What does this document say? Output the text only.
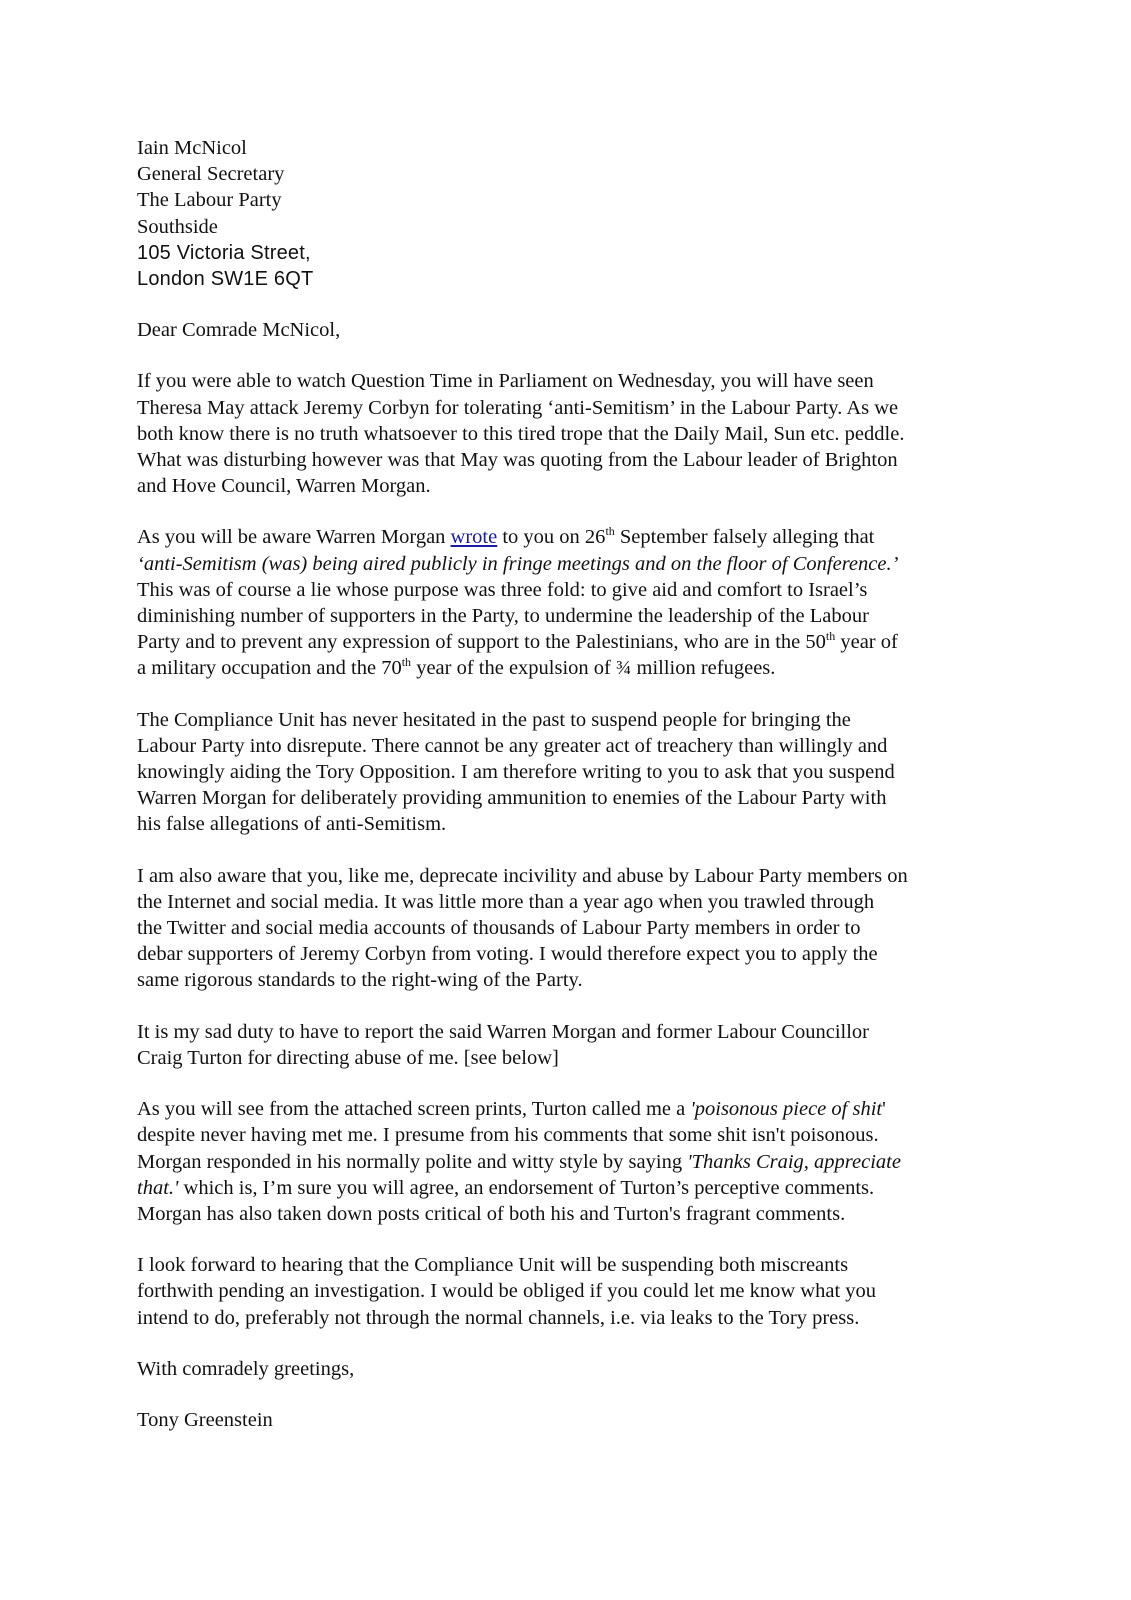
Iain McNicol
General Secretary
The Labour Party
Southside
105 Victoria Street,
London SW1E 6QT
Dear Comrade McNicol,

If you were able to watch Question Time in Parliament on Wednesday, you will have seen
Theresa May attack Jeremy Corbyn for tolerating ‘anti-Semitism’ in the Labour Party. As we
both know there is no truth whatsoever to this tired trope that the Daily Mail, Sun etc. peddle.
What was disturbing however was that May was quoting from the Labour leader of Brighton
and Hove Council, Warren Morgan.

As you will be aware Warren Morgan wrote to you on 26th September falsely alleging that
‘anti-Semitism (was) being aired publicly in fringe meetings and on the floor of Conference.’
This was of course a lie whose purpose was three fold: to give aid and comfort to Israel’s
diminishing number of supporters in the Party, to undermine the leadership of the Labour
Party and to prevent any expression of support to the Palestinians, who are in the 50th year of
a military occupation and the 70th year of the expulsion of ¾ million refugees.

The Compliance Unit has never hesitated in the past to suspend people for bringing the
Labour Party into disrepute. There cannot be any greater act of treachery than willingly and
knowingly aiding the Tory Opposition. I am therefore writing to you to ask that you suspend
Warren Morgan for deliberately providing ammunition to enemies of the Labour Party with
his false allegations of anti-Semitism.

I am also aware that you, like me, deprecate incivility and abuse by Labour Party members on
the Internet and social media. It was little more than a year ago when you trawled through
the Twitter and social media accounts of thousands of Labour Party members in order to
debar supporters of Jeremy Corbyn from voting. I would therefore expect you to apply the
same rigorous standards to the right-wing of the Party.

It is my sad duty to have to report the said Warren Morgan and former Labour Councillor
Craig Turton for directing abuse of me. [see below]

As you will see from the attached screen prints, Turton called me a 'poisonous piece of shit'
despite never having met me. I presume from his comments that some shit isn't poisonous.
Morgan responded in his normally polite and witty style by saying 'Thanks Craig, appreciate
that.' which is, I’m sure you will agree, an endorsement of Turton’s perceptive comments.
Morgan has also taken down posts critical of both his and Turton's fragrant comments.

I look forward to hearing that the Compliance Unit will be suspending both miscreants
forthwith pending an investigation. I would be obliged if you could let me know what you
intend to do, preferably not through the normal channels, i.e. via leaks to the Tory press.

With comradely greetings,

Tony Greenstein
